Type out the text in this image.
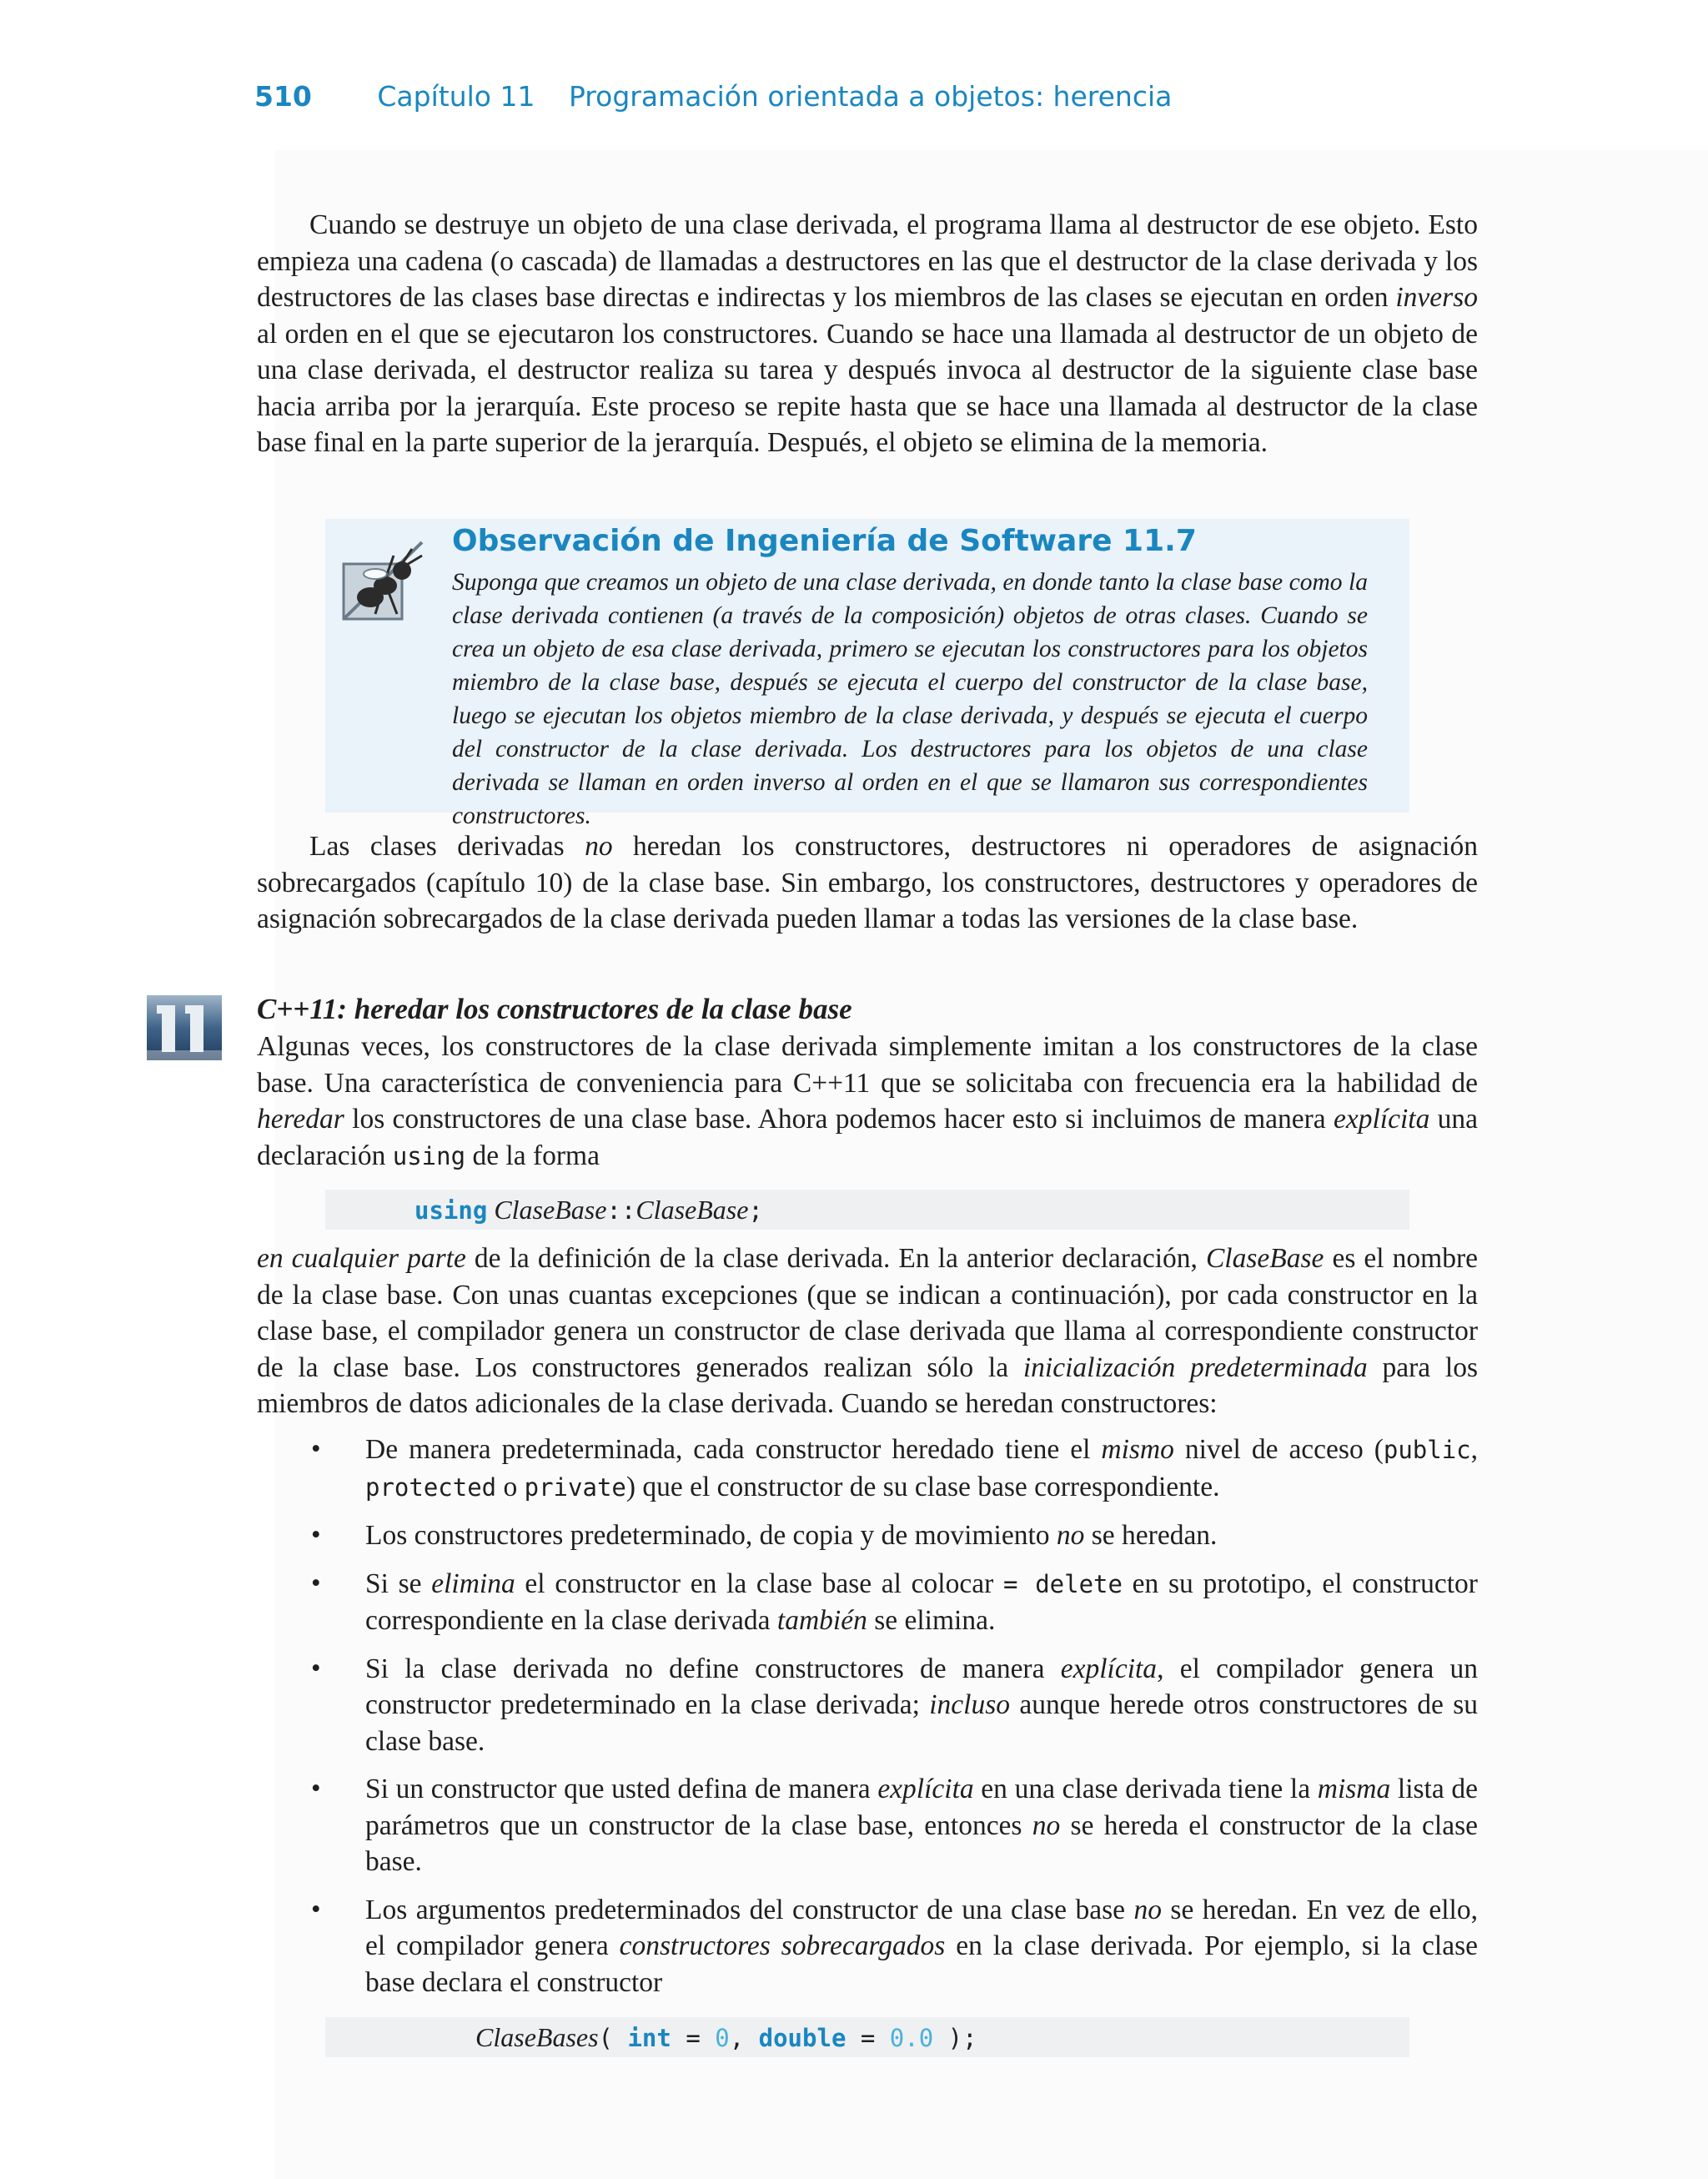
510 Capítulo 11 Programación orientada a objetos: herencia

Cuando se destruye un objeto de una clase derivada, el programa llama al destructor de ese objeto. Esto empieza una cadena (o cascada) de llamadas a destructores en las que el destructor de la clase derivada y los destructores de las clases base directas e indirectas y los miembros de las clases se ejecutan en orden inverso al orden en el que se ejecutaron los constructores. Cuando se hace una llamada al destructor de un objeto de una clase derivada, el destructor realiza su tarea y después invoca al destructor de la siguiente clase base hacia arriba por la jerarquía. Este proceso se repite hasta que se hace una llamada al destructor de la clase base final en la parte superior de la jerarquía. Después, el objeto se elimina de la memoria.

Observación de Ingeniería de Software 11.7

Suponga que creamos un objeto de una clase derivada, en donde tanto la clase base como la clase derivada contienen (a través de la composición) objetos de otras clases. Cuando se crea un objeto de esa clase derivada, primero se ejecutan los constructores para los objetos miembro de la clase base, después se ejecuta el cuerpo del constructor de la clase base, luego se ejecutan los objetos miembro de la clase derivada, y después se ejecuta el cuerpo del constructor de la clase derivada. Los destructores para los objetos de una clase derivada se llaman en orden inverso al orden en el que se llamaron sus correspondientes constructores.

Las clases derivadas no heredan los constructores, destructores ni operadores de asignación sobrecargados (capítulo 10) de la clase base. Sin embargo, los constructores, destructores y operadores de asignación sobrecargados de la clase derivada pueden llamar a todas las versiones de la clase base.

C++11: heredar los constructores de la clase base

Algunas veces, los constructores de la clase derivada simplemente imitan a los constructores de la clase base. Una característica de conveniencia para C++11 que se solicitaba con frecuencia era la habilidad de heredar los constructores de una clase base. Ahora podemos hacer esto si incluimos de manera explícita una declaración using de la forma

using ClaseBase::ClaseBase;

en cualquier parte de la definición de la clase derivada. En la anterior declaración, ClaseBase es el nombre de la clase base. Con unas cuantas excepciones (que se indican a continuación), por cada constructor en la clase base, el compilador genera un constructor de clase derivada que llama al correspondiente constructor de la clase base. Los constructores generados realizan sólo la inicialización predeterminada para los miembros de datos adicionales de la clase derivada. Cuando se heredan constructores:

• De manera predeterminada, cada constructor heredado tiene el mismo nivel de acceso (public, protected o private) que el constructor de su clase base correspondiente.
• Los constructores predeterminado, de copia y de movimiento no se heredan.
• Si se elimina el constructor en la clase base al colocar = delete en su prototipo, el constructor correspondiente en la clase derivada también se elimina.
• Si la clase derivada no define constructores de manera explícita, el compilador genera un constructor predeterminado en la clase derivada; incluso aunque herede otros constructores de su clase base.
• Si un constructor que usted defina de manera explícita en una clase derivada tiene la misma lista de parámetros que un constructor de la clase base, entonces no se hereda el constructor de la clase base.
• Los argumentos predeterminados del constructor de una clase base no se heredan. En vez de ello, el compilador genera constructores sobrecargados en la clase derivada. Por ejemplo, si la clase base declara el constructor
ClaseBases( int = 0, double = 0.0 );
